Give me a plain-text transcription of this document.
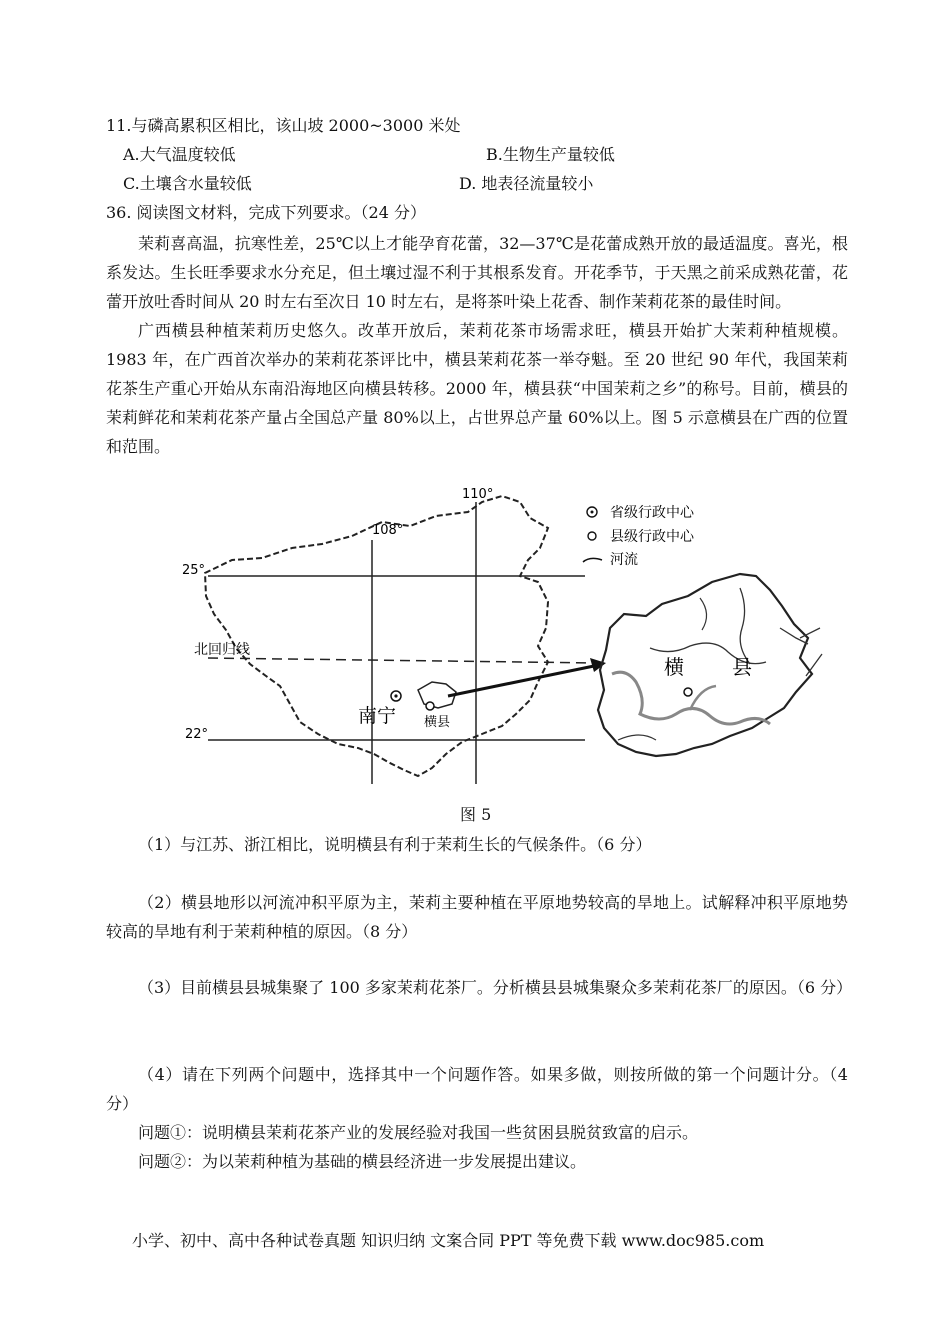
11.与磷高累积区相比，该山坡 2000~3000 米处
A.大气温度较低	B.生物生产量较低
C.土壤含水量较低	D. 地表径流量较小
36. 阅读图文材料，完成下列要求。（24 分）

茉莉喜高温，抗寒性差，25℃以上才能孕育花蕾，32—37℃是花蕾成熟开放的最适温度。喜光，根系发达。生长旺季要求水分充足，但土壤过湿不利于其根系发育。开花季节，于天黑之前采成熟花蕾，花蕾开放吐香时间从 20 时左右至次日 10 时左右，是将茶叶染上花香、制作茉莉花茶的最佳时间。

广西横县种植茉莉历史悠久。改革开放后，茉莉花茶市场需求旺，横县开始扩大茉莉种植规模。1983 年，在广西首次举办的茉莉花茶评比中，横县茉莉花茶一举夺魁。至 20 世纪 90 年代，我国茉莉花茶生产重心开始从东南沿海地区向横县转移。2000 年，横县获“中国茉莉之乡”的称号。目前，横县的茉莉鲜花和茉莉花茶产量占全国总产量 80%以上，占世界总产量 60%以上。图 5 示意横县在广西的位置和范围。

110°
108°
25°
22°
北回归线
南宁 横县
省级行政中心
县级行政中心
河流
横 县
图 5

（1）与江苏、浙江相比，说明横县有利于茉莉生长的气候条件。（6 分）

（2）横县地形以河流冲积平原为主，茉莉主要种植在平原地势较高的旱地上。试解释冲积平原地势较高的旱地有利于茉莉种植的原因。（8 分）

（3）目前横县县城集聚了 100 多家茉莉花茶厂。分析横县县城集聚众多茉莉花茶厂的原因。（6 分）

（4）请在下列两个问题中，选择其中一个问题作答。如果多做，则按所做的第一个问题计分。（4 分）

问题①：说明横县茉莉花茶产业的发展经验对我国一些贫困县脱贫致富的启示。

问题②：为以茉莉种植为基础的横县经济进一步发展提出建议。

小学、初中、高中各种试卷真题 知识归纳 文案合同 PPT 等免费下载 www.doc985.com
